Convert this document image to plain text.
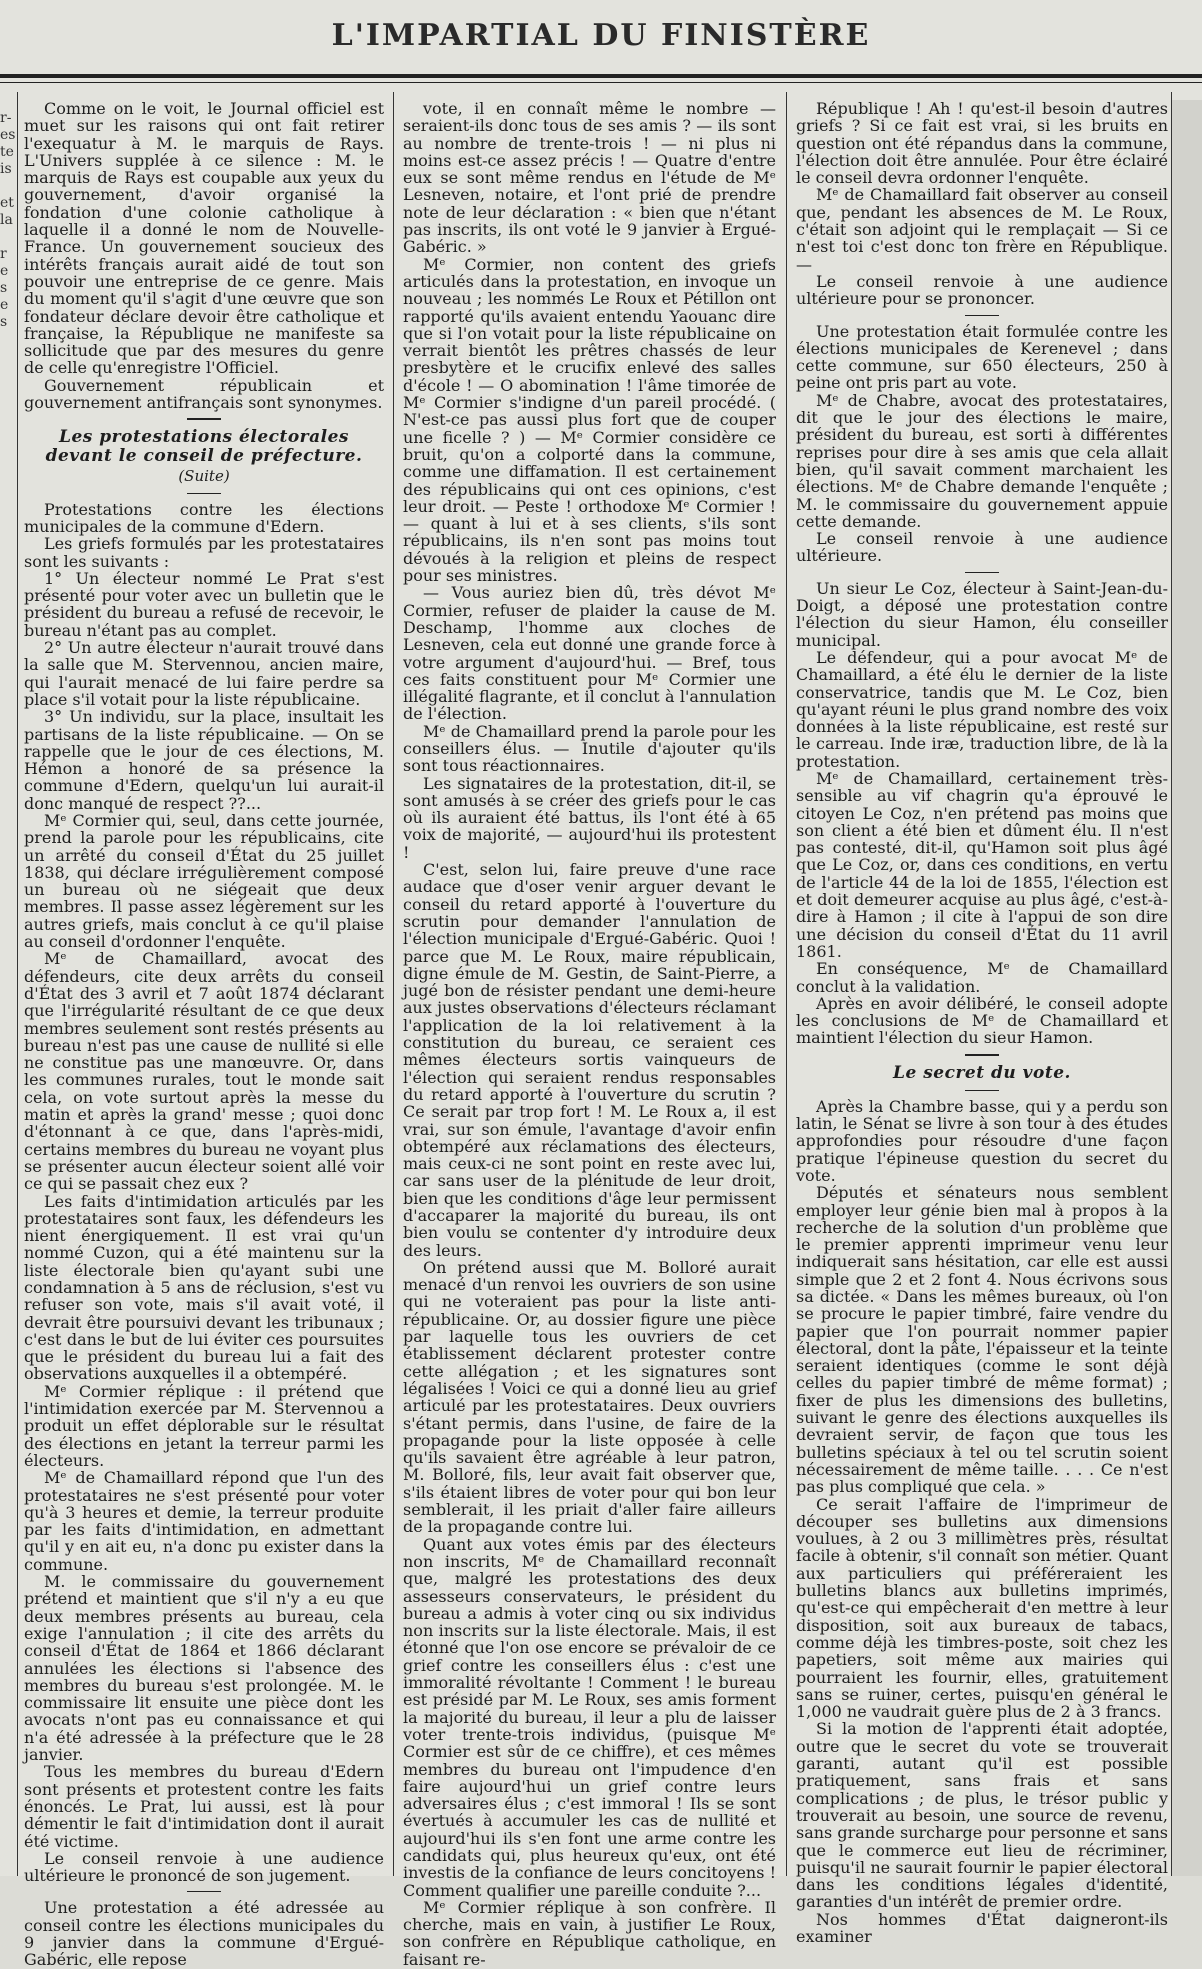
L'IMPARTIAL DU FINISTÈRE
r-
es
te
is
et
la
r
e
s
e
s

Comme on le voit, le Journal officiel est muet sur les raisons qui ont fait retirer l'exequatur à M. le marquis de Rays. L'Univers supplée à ce silence : M. le marquis de Rays est coupable aux yeux du gouvernement, d'avoir organisé la fondation d'une colonie catholique à laquelle il a donné le nom de Nouvelle-France. Un gouvernement soucieux des intérêts français aurait aidé de tout son pouvoir une entreprise de ce genre. Mais du moment qu'il s'agit d'une œuvre que son fondateur déclare devoir être catholique et française, la République ne manifeste sa sollicitude que par des mesures du genre de celle qu'enregistre l'Officiel.

Gouvernement républicain et gouvernement antifrançais sont synonymes.

Les protestations électorales devant le conseil de préfecture.
(Suite)

Protestations contre les élections municipales de la commune d'Edern.

Les griefs formulés par les protestataires sont les suivants :

1° Un électeur nommé Le Prat s'est présenté pour voter avec un bulletin que le président du bureau a refusé de recevoir, le bureau n'étant pas au complet.

2° Un autre électeur n'aurait trouvé dans la salle que M. Stervennou, ancien maire, qui l'aurait menacé de lui faire perdre sa place s'il votait pour la liste républicaine.

3° Un individu, sur la place, insultait les partisans de la liste républicaine. — On se rappelle que le jour de ces élections, M. Hémon a honoré de sa présence la commune d'Edern, quelqu'un lui aurait-il donc manqué de respect ??...

Mᵉ Cormier qui, seul, dans cette journée, prend la parole pour les républicains, cite un arrêté du conseil d'État du 25 juillet 1838, qui déclare irrégulièrement composé un bureau où ne siégeait que deux membres. Il passe assez légèrement sur les autres griefs, mais conclut à ce qu'il plaise au conseil d'ordonner l'enquête.

Mᵉ de Chamaillard, avocat des défendeurs, cite deux arrêts du conseil d'État des 3 avril et 7 août 1874 déclarant que l'irrégularité résultant de ce que deux membres seulement sont restés présents au bureau n'est pas une cause de nullité si elle ne constitue pas une manœuvre. Or, dans les communes rurales, tout le monde sait cela, on vote surtout après la messe du matin et après la grand' messe ; quoi donc d'étonnant à ce que, dans l'après-midi, certains membres du bureau ne voyant plus se présenter aucun électeur soient allé voir ce qui se passait chez eux ?

Les faits d'intimidation articulés par les protestataires sont faux, les défendeurs les nient énergiquement. Il est vrai qu'un nommé Cuzon, qui a été maintenu sur la liste électorale bien qu'ayant subi une condamnation à 5 ans de réclusion, s'est vu refuser son vote, mais s'il avait voté, il devrait être poursuivi devant les tribunaux ; c'est dans le but de lui éviter ces poursuites que le président du bureau lui a fait des observations auxquelles il a obtempéré.

Mᵉ Cormier réplique : il prétend que l'intimidation exercée par M. Stervennou a produit un effet déplorable sur le résultat des élections en jetant la terreur parmi les électeurs.

Mᵉ de Chamaillard répond que l'un des protestataires ne s'est présenté pour voter qu'à 3 heures et demie, la terreur produite par les faits d'intimidation, en admettant qu'il y en ait eu, n'a donc pu exister dans la commune.

M. le commissaire du gouvernement prétend et maintient que s'il n'y a eu que deux membres présents au bureau, cela exige l'annulation ; il cite des arrêts du conseil d'État de 1864 et 1866 déclarant annulées les élections si l'absence des membres du bureau s'est prolongée. M. le commissaire lit ensuite une pièce dont les avocats n'ont pas eu connaissance et qui n'a été adressée à la préfecture que le 28 janvier.

Tous les membres du bureau d'Edern sont présents et protestent contre les faits énoncés. Le Prat, lui aussi, est là pour démentir le fait d'intimidation dont il aurait été victime.

Le conseil renvoie à une audience ultérieure le prononcé de son jugement.

Une protestation a été adressée au conseil contre les élections municipales du 9 janvier dans la commune d'Ergué-Gabéric, elle repose

vote, il en connaît même le nombre — seraient-ils donc tous de ses amis ? — ils sont au nombre de trente-trois ! — ni plus ni moins est-ce assez précis ! — Quatre d'entre eux se sont même rendus en l'étude de Mᵉ Lesneven, notaire, et l'ont prié de prendre note de leur déclaration : « bien que n'étant pas inscrits, ils ont voté le 9 janvier à Ergué-Gabéric. »

Mᵉ Cormier, non content des griefs articulés dans la protestation, en invoque un nouveau ; les nommés Le Roux et Pétillon ont rapporté qu'ils avaient entendu Yaouanc dire que si l'on votait pour la liste républicaine on verrait bientôt les prêtres chassés de leur presbytère et le crucifix enlevé des salles d'école ! — O abomination ! l'âme timorée de Mᵉ Cormier s'indigne d'un pareil procédé. ( N'est-ce pas aussi plus fort que de couper une ficelle ? ) — Mᵉ Cormier considère ce bruit, qu'on a colporté dans la commune, comme une diffamation. Il est certainement des républicains qui ont ces opinions, c'est leur droit. — Peste ! orthodoxe Mᵉ Cormier ! — quant à lui et à ses clients, s'ils sont républicains, ils n'en sont pas moins tout dévoués à la religion et pleins de respect pour ses ministres.

— Vous auriez bien dû, très dévot Mᵉ Cormier, refuser de plaider la cause de M. Deschamp, l'homme aux cloches de Lesneven, cela eut donné une grande force à votre argument d'aujourd'hui. — Bref, tous ces faits constituent pour Mᵉ Cormier une illégalité flagrante, et il conclut à l'annulation de l'élection.

Mᵉ de Chamaillard prend la parole pour les conseillers élus. — Inutile d'ajouter qu'ils sont tous réactionnaires.

Les signataires de la protestation, dit-il, se sont amusés à se créer des griefs pour le cas où ils auraient été battus, ils l'ont été à 65 voix de majorité, — aujourd'hui ils protestent !

C'est, selon lui, faire preuve d'une race audace que d'oser venir arguer devant le conseil du retard apporté à l'ouverture du scrutin pour demander l'annulation de l'élection municipale d'Ergué-Gabéric. Quoi ! parce que M. Le Roux, maire républicain, digne émule de M. Gestin, de Saint-Pierre, a jugé bon de résister pendant une demi-heure aux justes observations d'électeurs réclamant l'application de la loi relativement à la constitution du bureau, ce seraient ces mêmes électeurs sortis vainqueurs de l'élection qui seraient rendus responsables du retard apporté à l'ouverture du scrutin ? Ce serait par trop fort ! M. Le Roux a, il est vrai, sur son émule, l'avantage d'avoir enfin obtempéré aux réclamations des électeurs, mais ceux-ci ne sont point en reste avec lui, car sans user de la plénitude de leur droit, bien que les conditions d'âge leur permissent d'accaparer la majorité du bureau, ils ont bien voulu se contenter d'y introduire deux des leurs.

On prétend aussi que M. Bolloré aurait menacé d'un renvoi les ouvriers de son usine qui ne voteraient pas pour la liste anti-républicaine. Or, au dossier figure une pièce par laquelle tous les ouvriers de cet établissement déclarent protester contre cette allégation ; et les signatures sont légalisées ! Voici ce qui a donné lieu au grief articulé par les protestataires. Deux ouvriers s'étant permis, dans l'usine, de faire de la propagande pour la liste opposée à celle qu'ils savaient être agréable à leur patron, M. Bolloré, fils, leur avait fait observer que, s'ils étaient libres de voter pour qui bon leur semblerait, il les priait d'aller faire ailleurs de la propagande contre lui.

Quant aux votes émis par des électeurs non inscrits, Mᵉ de Chamaillard reconnaît que, malgré les protestations des deux assesseurs conservateurs, le président du bureau a admis à voter cinq ou six individus non inscrits sur la liste électorale. Mais, il est étonné que l'on ose encore se prévaloir de ce grief contre les conseillers élus : c'est une immoralité révoltante ! Comment ! le bureau est présidé par M. Le Roux, ses amis forment la majorité du bureau, il leur a plu de laisser voter trente-trois individus, (puisque Mᵉ Cormier est sûr de ce chiffre), et ces mêmes membres du bureau ont l'impudence d'en faire aujourd'hui un grief contre leurs adversaires élus ; c'est immoral ! Ils se sont évertués à accumuler les cas de nullité et aujourd'hui ils s'en font une arme contre les candidats qui, plus heureux qu'eux, ont été investis de la confiance de leurs concitoyens ! Comment qualifier une pareille conduite ?...

Mᵉ Cormier réplique à son confrère. Il cherche, mais en vain, à justifier Le Roux, son confrère en République catholique, en faisant re-

République ! Ah ! qu'est-il besoin d'autres griefs ? Si ce fait est vrai, si les bruits en question ont été répandus dans la commune, l'élection doit être annulée. Pour être éclairé le conseil devra ordonner l'enquête.

Mᵉ de Chamaillard fait observer au conseil que, pendant les absences de M. Le Roux, c'était son adjoint qui le remplaçait — Si ce n'est toi c'est donc ton frère en République. —

Le conseil renvoie à une audience ultérieure pour se prononcer.

Une protestation était formulée contre les élections municipales de Kerenevel ; dans cette commune, sur 650 électeurs, 250 à peine ont pris part au vote.

Mᵉ de Chabre, avocat des protestataires, dit que le jour des élections le maire, président du bureau, est sorti à différentes reprises pour dire à ses amis que cela allait bien, qu'il savait comment marchaient les élections. Mᵉ de Chabre demande l'enquête ; M. le commissaire du gouvernement appuie cette demande.

Le conseil renvoie à une audience ultérieure.

Un sieur Le Coz, électeur à Saint-Jean-du-Doigt, a déposé une protestation contre l'élection du sieur Hamon, élu conseiller municipal.

Le défendeur, qui a pour avocat Mᵉ de Chamaillard, a été élu le dernier de la liste conservatrice, tandis que M. Le Coz, bien qu'ayant réuni le plus grand nombre des voix données à la liste républicaine, est resté sur le carreau. Inde iræ, traduction libre, de là la protestation.

Mᵉ de Chamaillard, certainement très-sensible au vif chagrin qu'a éprouvé le citoyen Le Coz, n'en prétend pas moins que son client a été bien et dûment élu. Il n'est pas contesté, dit-il, qu'Hamon soit plus âgé que Le Coz, or, dans ces conditions, en vertu de l'article 44 de la loi de 1855, l'élection est et doit demeurer acquise au plus âgé, c'est-à-dire à Hamon ; il cite à l'appui de son dire une décision du conseil d'État du 11 avril 1861.

En conséquence, Mᵉ de Chamaillard conclut à la validation.

Après en avoir délibéré, le conseil adopte les conclusions de Mᵉ de Chamaillard et maintient l'élection du sieur Hamon.

Le secret du vote.

Après la Chambre basse, qui y a perdu son latin, le Sénat se livre à son tour à des études approfondies pour résoudre d'une façon pratique l'épineuse question du secret du vote.

Députés et sénateurs nous semblent employer leur génie bien mal à propos à la recherche de la solution d'un problème que le premier apprenti imprimeur venu leur indiquerait sans hésitation, car elle est aussi simple que 2 et 2 font 4. Nous écrivons sous sa dictée. « Dans les mêmes bureaux, où l'on se procure le papier timbré, faire vendre du papier que l'on pourrait nommer papier électoral, dont la pâte, l'épaisseur et la teinte seraient identiques (comme le sont déjà celles du papier timbré de même format) ; fixer de plus les dimensions des bulletins, suivant le genre des élections auxquelles ils devraient servir, de façon que tous les bulletins spéciaux à tel ou tel scrutin soient nécessairement de même taille. . . . Ce n'est pas plus compliqué que cela. »

Ce serait l'affaire de l'imprimeur de découper ses bulletins aux dimensions voulues, à 2 ou 3 millimètres près, résultat facile à obtenir, s'il connaît son métier. Quant aux particuliers qui préféreraient les bulletins blancs aux bulletins imprimés, qu'est-ce qui empêcherait d'en mettre à leur disposition, soit aux bureaux de tabacs, comme déjà les timbres-poste, soit chez les papetiers, soit même aux mairies qui pourraient les fournir, elles, gratuitement sans se ruiner, certes, puisqu'en général le 1,000 ne vaudrait guère plus de 2 à 3 francs.

Si la motion de l'apprenti était adoptée, outre que le secret du vote se trouverait garanti, autant qu'il est possible pratiquement, sans frais et sans complications ; de plus, le trésor public y trouverait au besoin, une source de revenu, sans grande surcharge pour personne et sans que le commerce eut lieu de récriminer, puisqu'il ne saurait fournir le papier électoral dans les conditions légales d'identité, garanties d'un intérêt de premier ordre.

Nos hommes d'État daigneront-ils examiner
